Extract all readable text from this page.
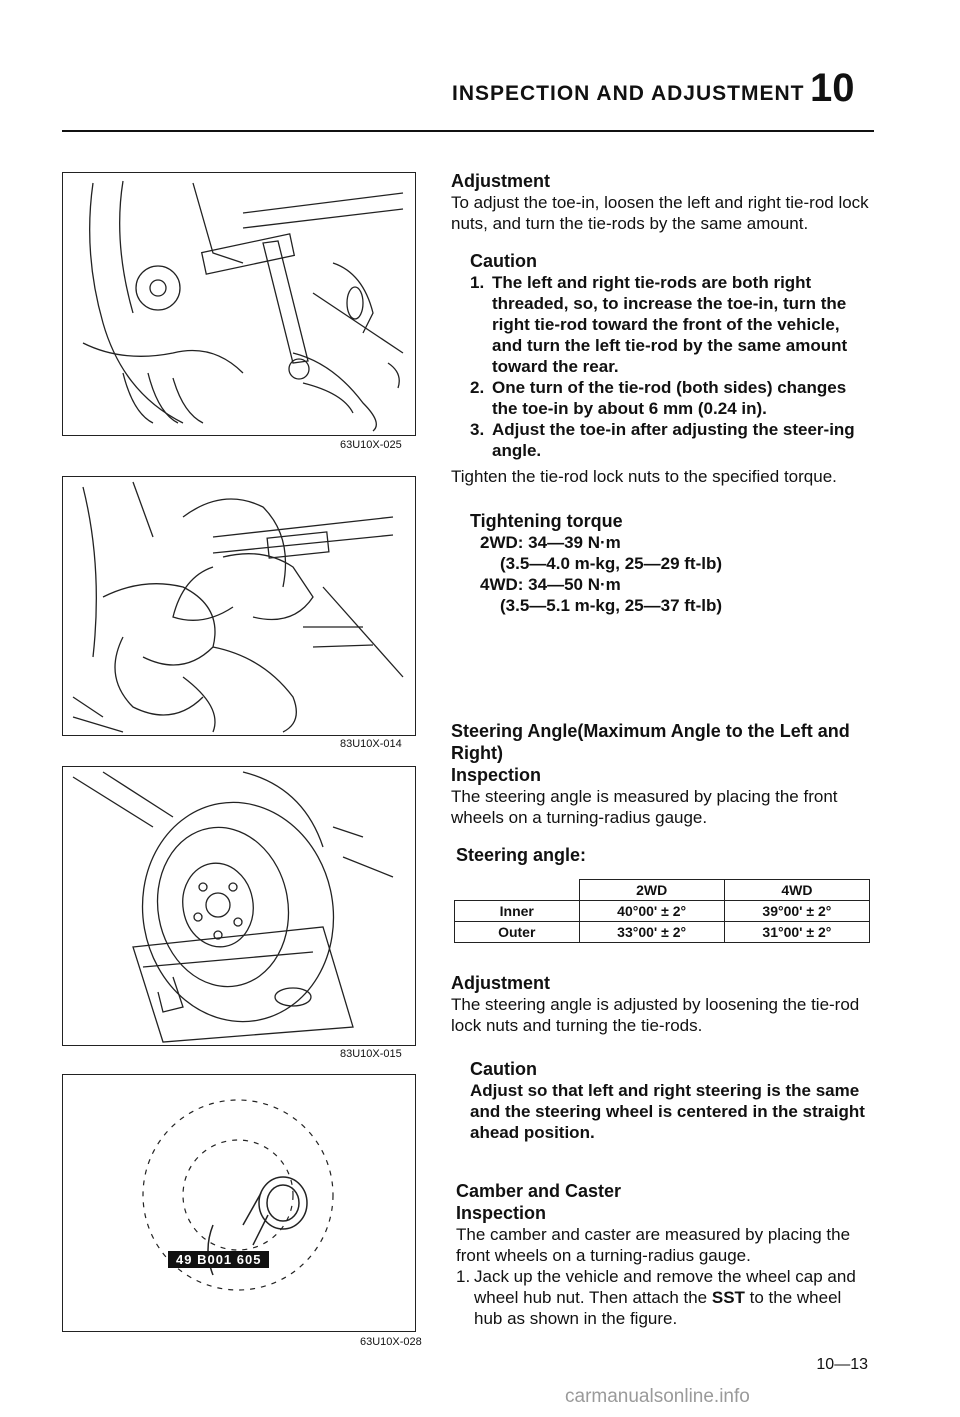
INSPECTION AND ADJUSTMENT 10
63U10X-025
83U10X-014
83U10X-015
49 B001 605
63U10X-028
Adjustment
To adjust the toe-in, loosen the left and right tie-rod lock nuts, and turn the tie-rods by the same amount.
Caution
1. The left and right tie-rods are both right threaded, so, to increase the toe-in, turn the right tie-rod toward the front of the vehicle, and turn the left tie-rod by the same amount toward the rear.
2. One turn of the tie-rod (both sides) changes the toe-in by about 6 mm (0.24 in).
3. Adjust the toe-in after adjusting the steer-ing angle.
Tighten the tie-rod lock nuts to the specified torque.
Tightening torque
2WD: 34—39 N·m
(3.5—4.0 m-kg, 25—29 ft-lb)
4WD: 34—50 N·m
(3.5—5.1 m-kg, 25—37 ft-lb)
Steering Angle(Maximum Angle to the Left and Right)
Inspection
The steering angle is measured by placing the front wheels on a turning-radius gauge.
Steering angle:
	2WD	4WD
Inner	40°00' ± 2°	39°00' ± 2°
Outer	33°00' ± 2°	31°00' ± 2°
Adjustment
The steering angle is adjusted by loosening the tie-rod lock nuts and turning the tie-rods.
Caution
Adjust so that left and right steering is the same and the steering wheel is centered in the straight ahead position.
Camber and Caster
Inspection
The camber and caster are measured by placing the front wheels on a turning-radius gauge.
1. Jack up the vehicle and remove the wheel cap and wheel hub nut. Then attach the SST to the wheel hub as shown in the figure.
10—13
carmanualsonline.info
